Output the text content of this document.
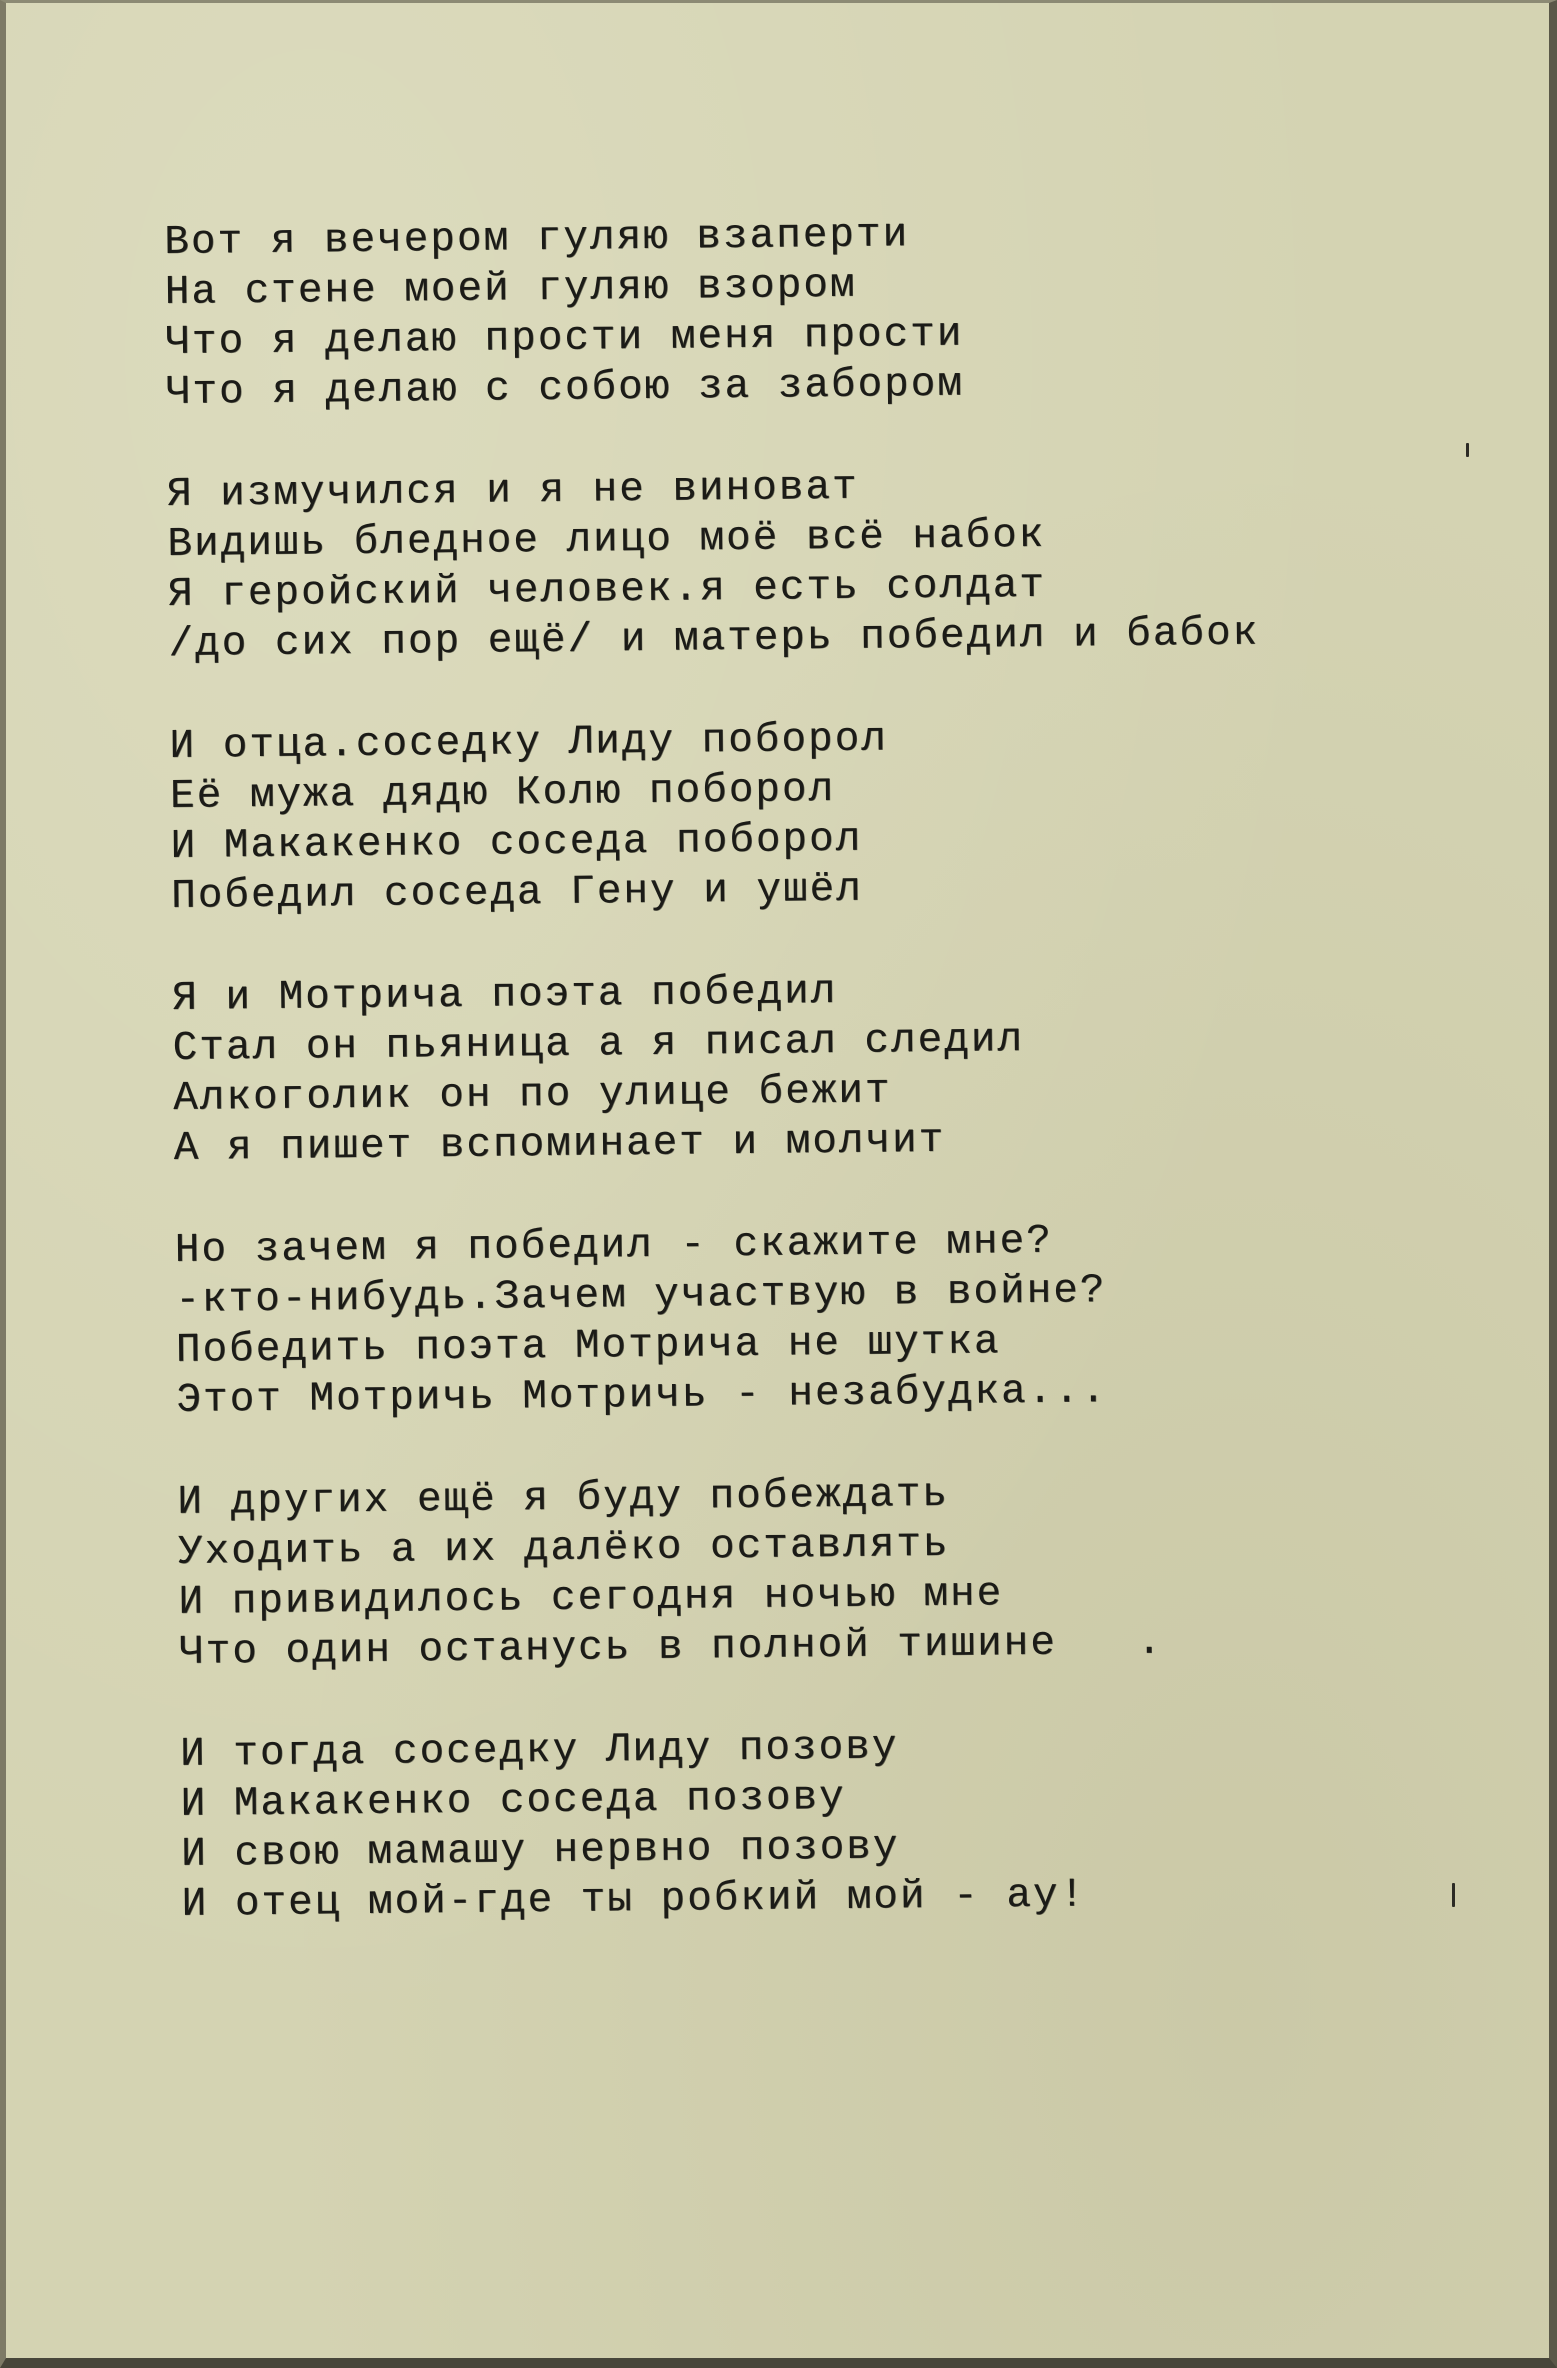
Вот я вечером гуляю взаперти
На стене моей гуляю взором
Что я делаю прости меня прости
Что я делаю с собою за забором
Я измучился и я не виноват
Видишь бледное лицо моё всё набок
Я геройский человек.я есть солдат
/до сих пор ещё/ и матерь победил и бабок
И отца.соседку Лиду поборол
Её мужа дядю Колю поборол
И Макакенко соседа поборол
Победил соседа Гену и ушёл
Я и Мотрича поэта победил
Стал он пьяница а я писал следил
Алкоголик он по улице бежит
А я пишет вспоминает и молчит
Но зачем я победил - скажите мне?
-кто-нибудь.Зачем участвую в войне?
Победить поэта Мотрича не шутка
Этот Мотричь Мотричь - незабудка...
И других ещё я буду побеждать
Уходить а их далёко оставлять
И привидилось сегодня ночью мне
Что один останусь в полной тишине   .
И тогда соседку Лиду позову
И Макакенко соседа позову
И свою мамашу нервно позову
И отец мой-где ты робкий мой - ау!
